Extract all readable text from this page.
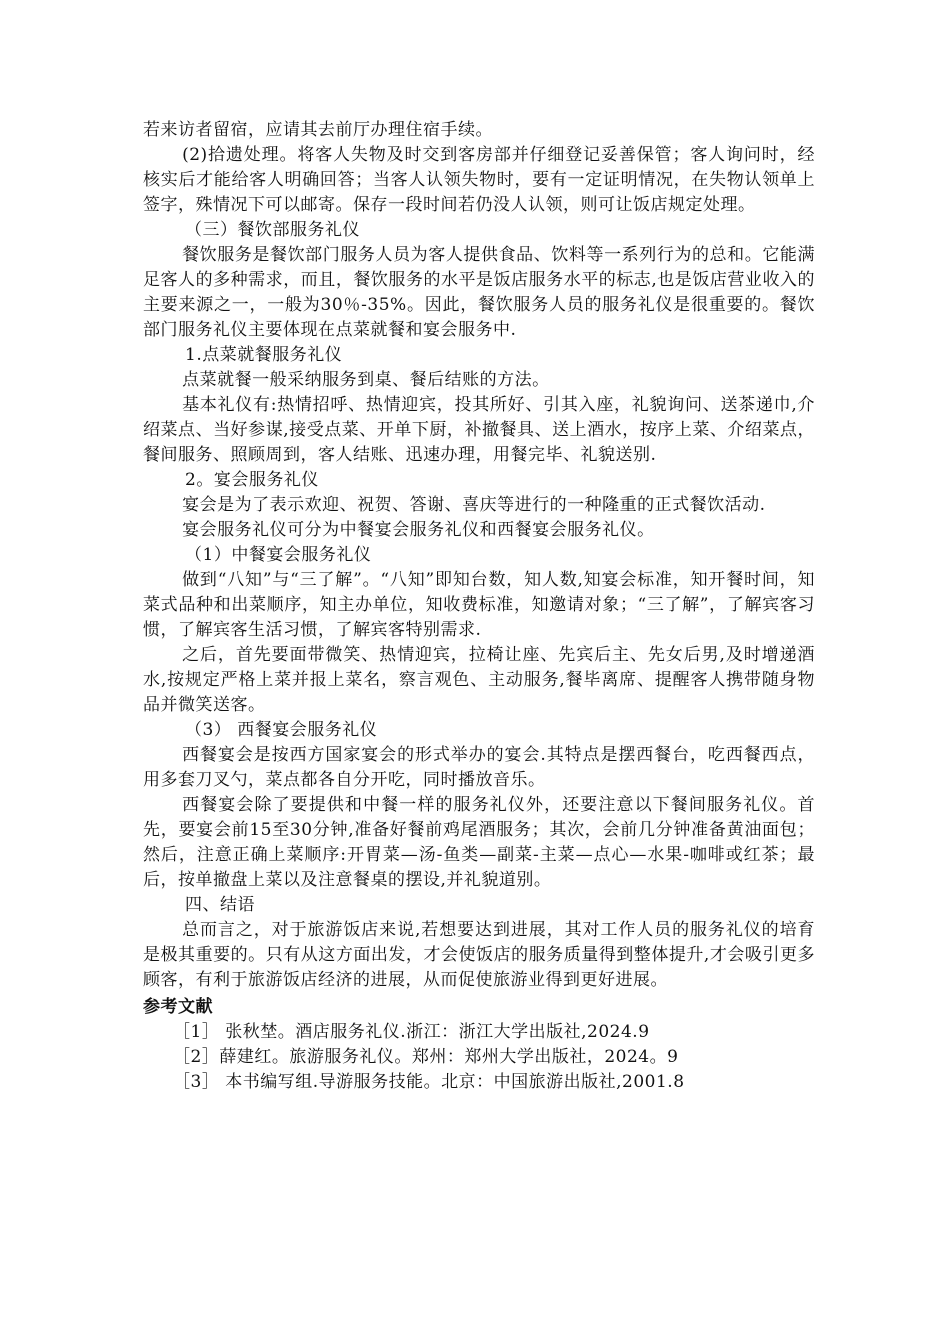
若来访者留宿，应请其去前厅办理住宿手续。

(2)拾遗处理。将客人失物及时交到客房部并仔细登记妥善保管；客人询问时，经核实后才能给客人明确回答；当客人认领失物时，要有一定证明情况，在失物认领单上签字，殊情况下可以邮寄。保存一段时间若仍没人认领，则可让饭店规定处理。

（三）餐饮部服务礼仪

餐饮服务是餐饮部门服务人员为客人提供食品、饮料等一系列行为的总和。它能满足客人的多种需求，而且，餐饮服务的水平是饭店服务水平的标志,也是饭店营业收入的主要来源之一，一般为30％-35%。因此，餐饮服务人员的服务礼仪是很重要的。餐饮部门服务礼仪主要体现在点菜就餐和宴会服务中.

1.点菜就餐服务礼仪

点菜就餐一般采纳服务到桌、餐后结账的方法。

基本礼仪有:热情招呼、热情迎宾，投其所好、引其入座，礼貌询问、送茶递巾,介绍菜点、当好参谋,接受点菜、开单下厨，补撤餐具、送上酒水，按序上菜、介绍菜点，餐间服务、照顾周到，客人结账、迅速办理，用餐完毕、礼貌送别.

2。宴会服务礼仪

宴会是为了表示欢迎、祝贺、答谢、喜庆等进行的一种隆重的正式餐饮活动.

宴会服务礼仪可分为中餐宴会服务礼仪和西餐宴会服务礼仪。

（1）中餐宴会服务礼仪

做到“八知”与“三了解”。“八知”即知台数，知人数,知宴会标准，知开餐时间，知菜式品种和出菜顺序，知主办单位，知收费标准，知邀请对象；“三了解”，了解宾客习惯，了解宾客生活习惯，了解宾客特别需求.

之后，首先要面带微笑、热情迎宾，拉椅让座、先宾后主、先女后男,及时增递酒水,按规定严格上菜并报上菜名，察言观色、主动服务,餐毕离席、提醒客人携带随身物品并微笑送客。

（3） 西餐宴会服务礼仪

西餐宴会是按西方国家宴会的形式举办的宴会.其特点是摆西餐台，吃西餐西点，用多套刀叉勺，菜点都各自分开吃，同时播放音乐。

西餐宴会除了要提供和中餐一样的服务礼仪外，还要注意以下餐间服务礼仪。首先，要宴会前15至30分钟,准备好餐前鸡尾酒服务；其次，会前几分钟准备黄油面包；然后，注意正确上菜顺序:开胃菜—汤-鱼类—副菜-主菜—点心—水果-咖啡或红茶；最后，按单撤盘上菜以及注意餐桌的摆设,并礼貌道别。

四、结语

总而言之，对于旅游饭店来说,若想要达到进展，其对工作人员的服务礼仪的培育是极其重要的。只有从这方面出发，才会使饭店的服务质量得到整体提升,才会吸引更多顾客，有利于旅游饭店经济的进展，从而促使旅游业得到更好进展。

参考文献

［1］ 张秋埜。酒店服务礼仪.浙江：浙江大学出版社,2024.9

［2］薛建红。旅游服务礼仪。郑州：郑州大学出版社，2024。9

［3］ 本书编写组.导游服务技能。北京：中国旅游出版社,2001.8
